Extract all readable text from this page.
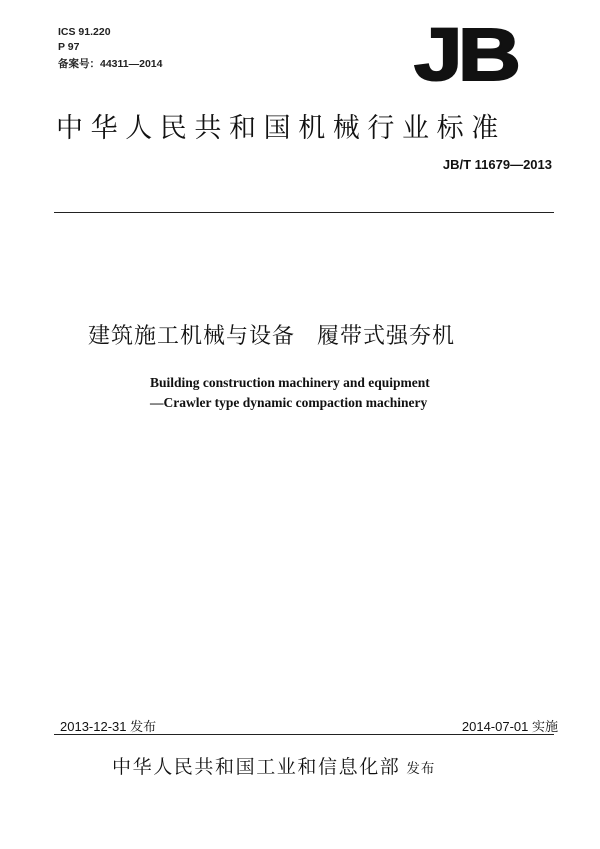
ICS 91.220
P 97
备案号：44311—2014	JB
中华人民共和国机械行业标准
JB/T 11679—2013
建筑施工机械与设备 履带式强夯机
Building construction machinery and equipment
—Crawler type dynamic compaction machinery
2013-12-31 发布	2014-07-01 实施
中华人民共和国工业和信息化部 发布
